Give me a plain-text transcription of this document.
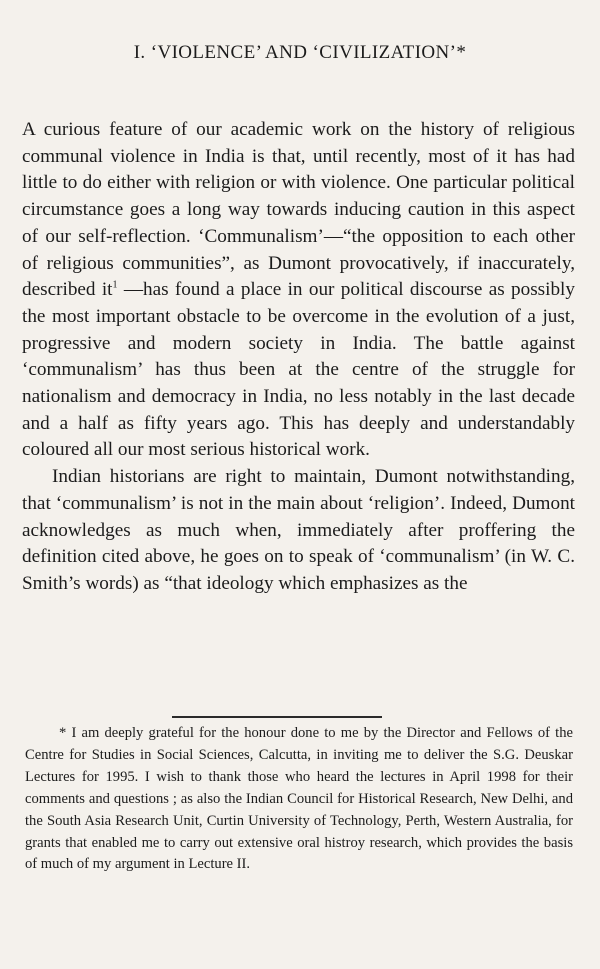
I. ‘VIOLENCE’ AND ‘CIVILIZATION’*

A curious feature of our academic work on the history of religious communal violence in India is that, until recently, most of it has had little to do either with religion or with violence. One particular political circumstance goes a long way towards inducing caution in this aspect of our self-reflection. ‘Communalism’—“the opposition to each other of religious communities”, as Dumont provocatively, if inaccurately, described $it^1$ —has found a place in our political discourse as possibly the most important obstacle to be overcome in the evolution of a just, progressive and modern society in India. The battle against ‘communalism’ has thus been at the centre of the struggle for nationalism and democracy in India, no less notably in the last decade and a half as fifty years ago. This has deeply and understandably coloured all our most serious historical work.

Indian historians are right to maintain, Dumont notwithstanding, that ‘communalism’ is not in the main about ‘religion’. Indeed, Dumont acknowledges as much when, immediately after proffering the definition cited above, he goes on to speak of ‘communalism’ (in W. C. Smith’s words) as “that ideology which emphasizes as the

* I am deeply grateful for the honour done to me by the Director and Fellows of the Centre for Studies in Social Sciences, Calcutta, in inviting me to deliver the S.G. Deuskar Lectures for 1995. I wish to thank those who heard the lectures in April 1998 for their comments and questions ; as also the Indian Council for Historical Research, New Delhi, and the South Asia Research Unit, Curtin University of Technology, Perth, Western Australia, for grants that enabled me to carry out extensive oral histroy research, which provides the basis of much of my argument in Lecture II.
